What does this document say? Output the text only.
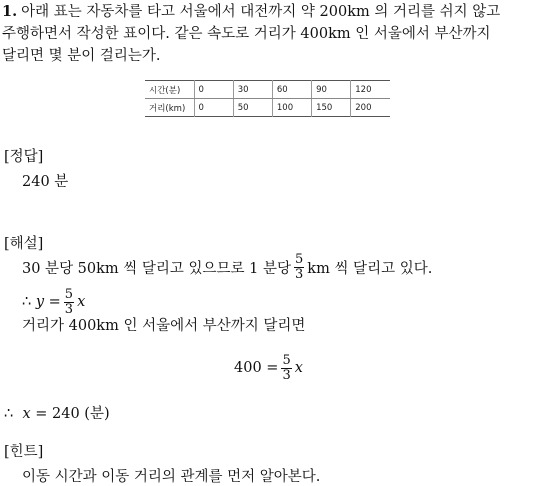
1. 아래 표는 자동차를 타고 서울에서 대전까지 약 200km 의 거리를 쉬지 않고
주행하면서 작성한 표이다. 같은 속도로 거리가 400km 인 서울에서 부산까지
달리면 몇 분이 걸리는가.
시간(분)	0	30	60	90	120
거리(km)	0	50	100	150	200
[정답]
240 분
[해설]
30 분당 50km 씩 달리고 있으므로 1 분당 $\frac{5}{3}$ km 씩 달리고 있다.
∴
$y = \frac{5}{3}$ x
거리가 400km 인 서울에서 부산까지 달리면
$400 = \frac{5}{3}$ x
∴ x = 240 (분)
[힌트]
이동 시간과 이동 거리의 관계를 먼저 알아본다.
